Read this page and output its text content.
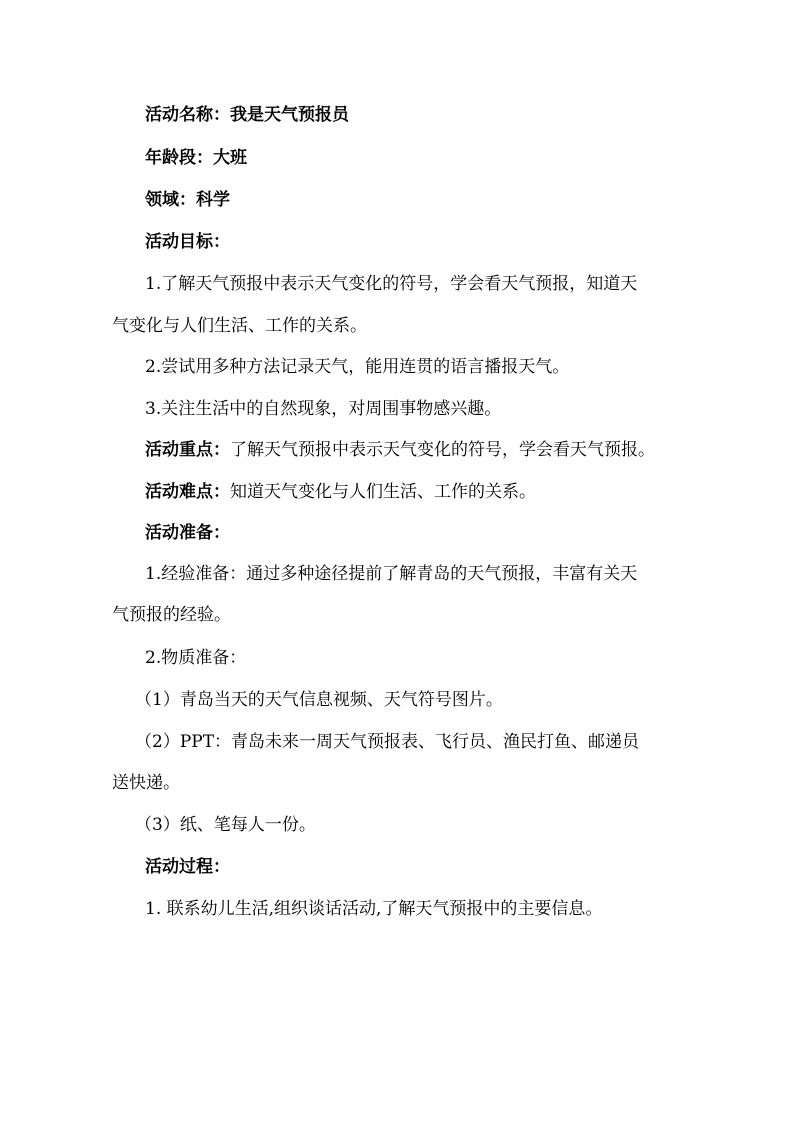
活动名称：我是天气预报员
年龄段：大班
领域：科学
活动目标：
1.了解天气预报中表示天气变化的符号，学会看天气预报，知道天
气变化与人们生活、工作的关系。
2.尝试用多种方法记录天气，能用连贯的语言播报天气。
3.关注生活中的自然现象，对周围事物感兴趣。
活动重点：了解天气预报中表示天气变化的符号，学会看天气预报。
活动难点：知道天气变化与人们生活、工作的关系。
活动准备：
1.经验准备：通过多种途径提前了解青岛的天气预报，丰富有关天
气预报的经验。
2.物质准备：
（1）青岛当天的天气信息视频、天气符号图片。
（2）PPT：青岛未来一周天气预报表、飞行员、渔民打鱼、邮递员
送快递。
（3）纸、笔每人一份。
活动过程：
1. 联系幼儿生活,组织谈话活动,了解天气预报中的主要信息。
